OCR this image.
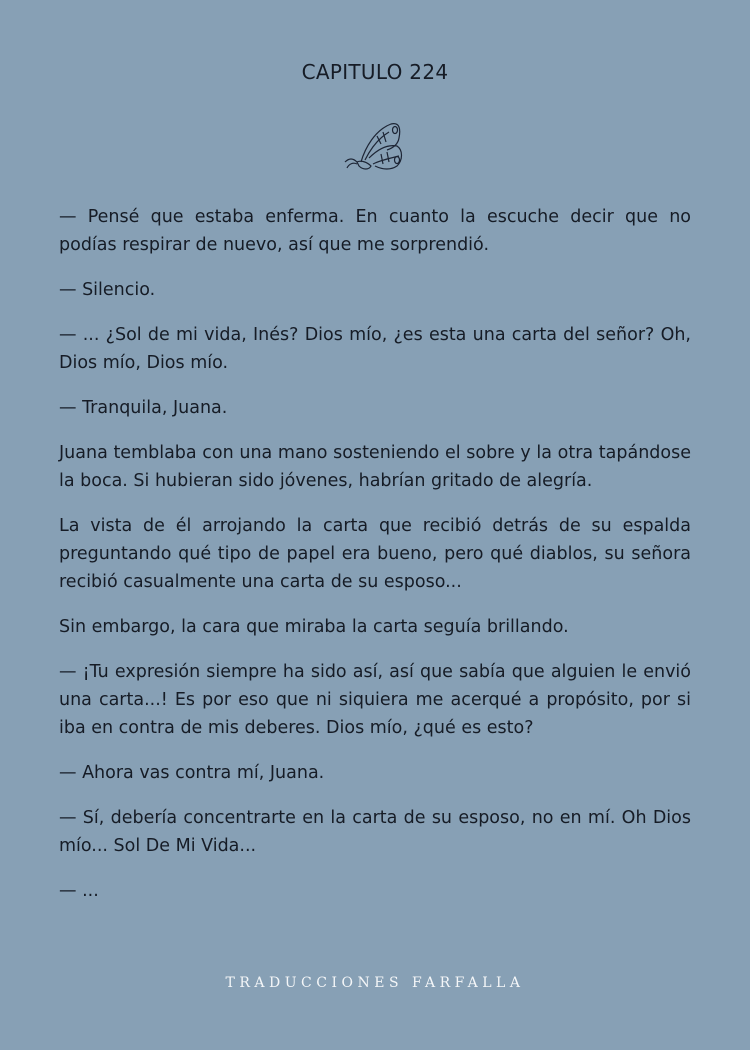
CAPITULO 224

— Pensé que estaba enferma. En cuanto la escuche decir que no podías respirar de nuevo, así que me sorprendió.

— Silencio.

— ... ¿Sol de mi vida, Inés? Dios mío, ¿es esta una carta del señor? Oh, Dios mío, Dios mío.

— Tranquila, Juana.

Juana temblaba con una mano sosteniendo el sobre y la otra tapándose la boca. Si hubieran sido jóvenes, habrían gritado de alegría.

La vista de él arrojando la carta que recibió detrás de su espalda preguntando qué tipo de papel era bueno, pero qué diablos, su señora recibió casualmente una carta de su esposo...

Sin embargo, la cara que miraba la carta seguía brillando.

— ¡Tu expresión siempre ha sido así, así que sabía que alguien le envió una carta...! Es por eso que ni siquiera me acerqué a propósito, por si iba en contra de mis deberes. Dios mío, ¿qué es esto?

— Ahora vas contra mí, Juana.

— Sí, debería concentrarte en la carta de su esposo, no en mí. Oh Dios mío... Sol De Mi Vida...

— ...

TRADUCCIONES FARFALLA
